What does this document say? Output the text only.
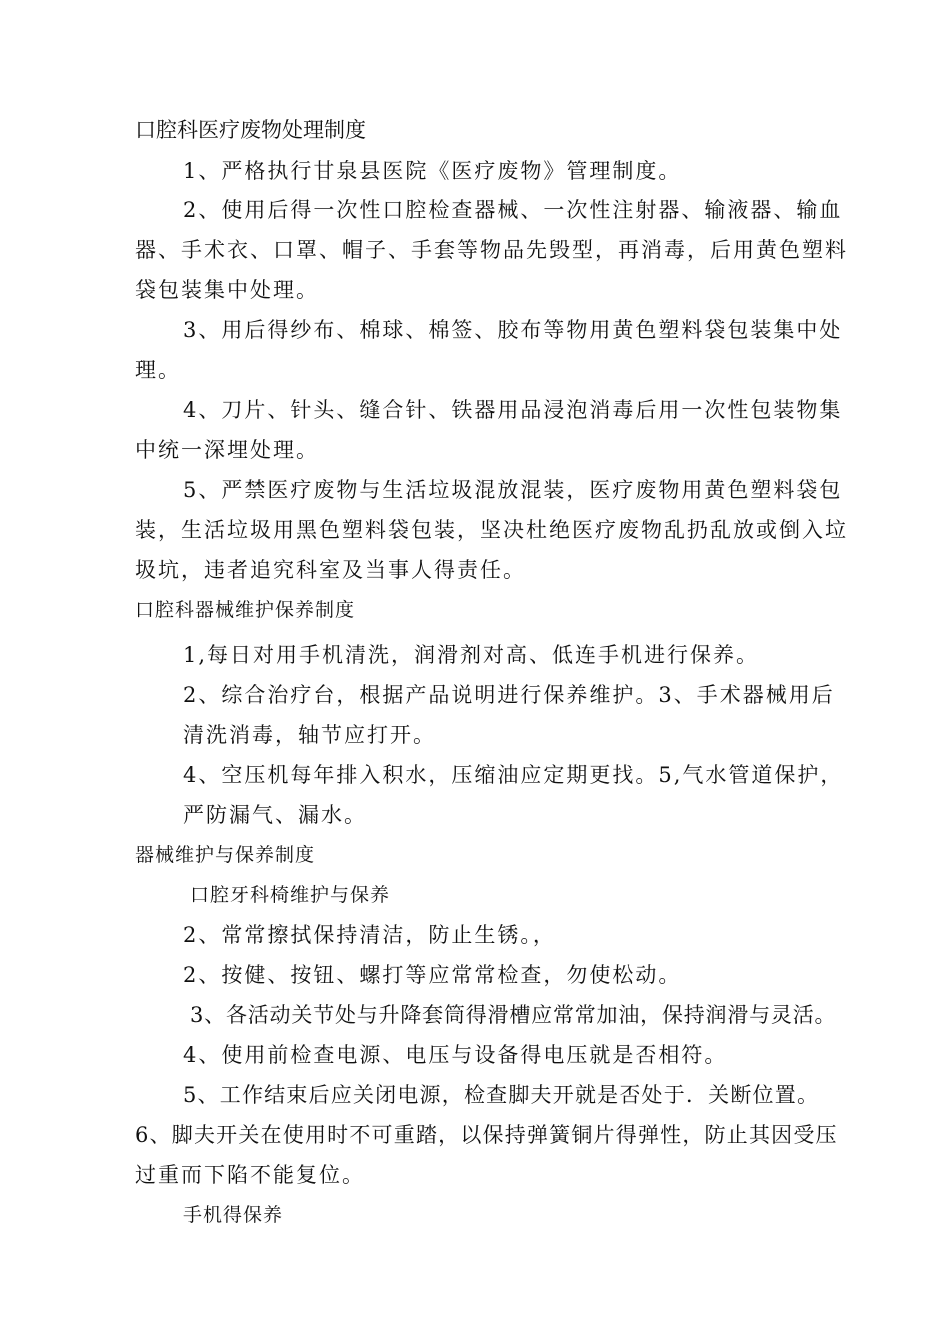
口腔科医疗废物处理制度
1、严格执行甘泉县医院《医疗废物》管理制度。
2、使用后得一次性口腔检查器械、一次性注射器、输液器、输血
器、手术衣、口罩、帽子、手套等物品先毁型，再消毒，后用黄色塑料
袋包装集中处理。
3、用后得纱布、棉球、棉签、胶布等物用黄色塑料袋包装集中处
理。
4、刀片、针头、缝合针、铁器用品浸泡消毒后用一次性包装物集
中统一深埋处理。
5、严禁医疗废物与生活垃圾混放混装，医疗废物用黄色塑料袋包
装，生活垃圾用黑色塑料袋包装，坚决杜绝医疗废物乱扔乱放或倒入垃
圾坑，违者追究科室及当事人得责任。
口腔科器械维护保养制度
1,每日对用手机清洗，润滑剂对高、低连手机进行保养。
2、综合治疗台，根据产品说明进行保养维护。3、手术器械用后
清洗消毒，轴节应打开。
4、空压机每年排入积水，压缩油应定期更找。5,气水管道保护，
严防漏气、漏水。
器械维护与保养制度
口腔牙科椅维护与保养
2、常常擦拭保持清洁，防止生锈。，
2、按健、按钮、螺打等应常常检查，勿使松动。
3、各活动关节处与升降套筒得滑槽应常常加油，保持润滑与灵活。
4、使用前检查电源、电压与设备得电压就是否相符。
5、工作结束后应关闭电源，检查脚夫开就是否处于．关断位置。
6、脚夫开关在使用时不可重踏，以保持弹簧铜片得弹性，防止其因受压
过重而下陷不能复位。
手机得保养
